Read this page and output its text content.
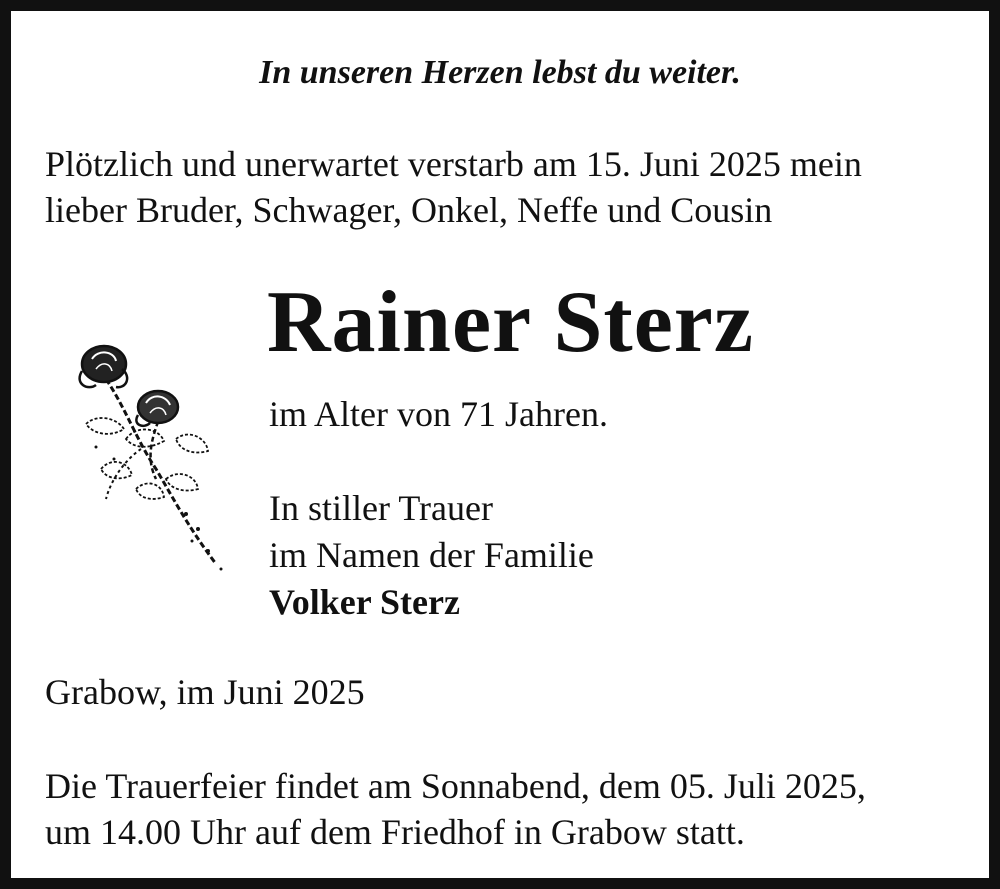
In unseren Herzen lebst du weiter.

Plötzlich und unerwartet verstarb am 15. Juni 2025 mein
lieber Bruder, Schwager, Onkel, Neffe und Cousin

Rainer Sterz

im Alter von 71 Jahren.

In stiller Trauer
im Namen der Familie
Volker Sterz

Grabow, im Juni 2025

Die Trauerfeier findet am Sonnabend, dem 05. Juli 2025,
um 14.00 Uhr auf dem Friedhof in Grabow statt.
